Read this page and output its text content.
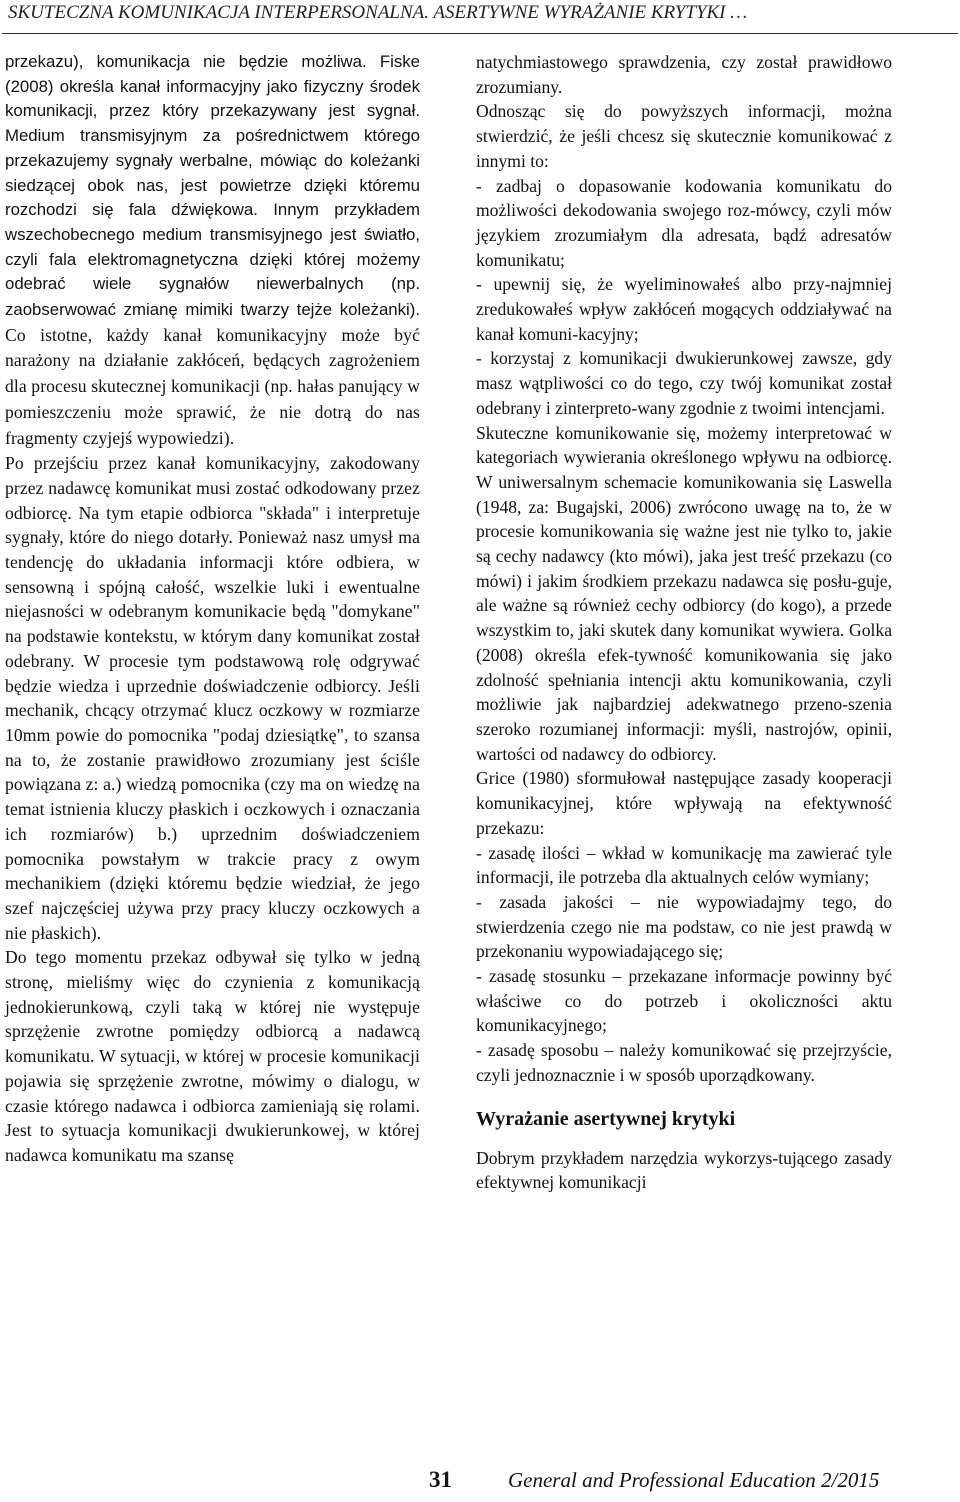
SKUTECZNA KOMUNIKACJA INTERPERSONALNA. ASERTYWNE WYRAŻANIE KRYTYKI …

przekazu), komunikacja nie będzie możliwa. Fiske (2008) określa kanał informacyjny jako fizyczny środek komunikacji, przez który przekazywany jest sygnał. Medium transmisyjnym za pośrednictwem którego przekazujemy sygnały werbalne, mówiąc do koleżanki siedzącej obok nas, jest powietrze dzięki któremu rozchodzi się fala dźwiękowa. Innym przykładem wszechobecnego medium transmisyjnego jest światło, czyli fala elektromagnetyczna dzięki której możemy odebrać wiele sygnałów niewerbalnych (np. zaobserwować zmianę mimiki twarzy tejże koleżanki). Co istotne, każdy kanał komunikacyjny może być narażony na działanie zakłóceń, będących zagrożeniem dla procesu skutecznej komunikacji (np. hałas panujący w pomieszczeniu może sprawić, że nie dotrą do nas fragmenty czyjejś wypowiedzi).

Po przejściu przez kanał komunikacyjny, zakodowany przez nadawcę komunikat musi zostać odkodowany przez odbiorcę. Na tym etapie odbiorca "składa" i interpretuje sygnały, które do niego dotarły. Ponieważ nasz umysł ma tendencję do układania informacji które odbiera, w sensowną i spójną całość, wszelkie luki i ewentualne niejasności w odebranym komunikacie będą "domykane" na podstawie kontekstu, w którym dany komunikat został odebrany. W procesie tym podstawową rolę odgrywać będzie wiedza i uprzednie doświadczenie odbiorcy. Jeśli mechanik, chcący otrzymać klucz oczkowy w rozmiarze 10mm powie do pomocnika "podaj dziesiątkę", to szansa na to, że zostanie prawidłowo zrozumiany jest ściśle powiązana z: a.) wiedzą pomocnika (czy ma on wiedzę na temat istnienia kluczy płaskich i oczkowych i oznaczania ich rozmiarów) b.) uprzednim doświadczeniem pomocnika powstałym w trakcie pracy z owym mechanikiem (dzięki któremu będzie wiedział, że jego szef najczęściej używa przy pracy kluczy oczkowych a nie płaskich).

Do tego momentu przekaz odbywał się tylko w jedną stronę, mieliśmy więc do czynienia z komunikacją jednokierunkową, czyli taką w której nie występuje sprzężenie zwrotne pomiędzy odbiorcą a nadawcą komunikatu. W sytuacji, w której w procesie komunikacji pojawia się sprzężenie zwrotne, mówimy o dialogu, w czasie którego nadawca i odbiorca zamieniają się rolami. Jest to sytuacja komunikacji dwukierunkowej, w której nadawca komunikatu ma szansę

natychmiastowego sprawdzenia, czy został prawidłowo zrozumiany.

Odnosząc się do powyższych informacji, można stwierdzić, że jeśli chcesz się skutecznie komunikować z innymi to:

- zadbaj o dopasowanie kodowania komunikatu do możliwości dekodowania swojego roz-mówcy, czyli mów językiem zrozumiałym dla adresata, bądź adresatów komunikatu;

- upewnij się, że wyeliminowałeś albo przy-najmniej zredukowałeś wpływ zakłóceń mogących oddziaływać na kanał komuni-kacyjny;

- korzystaj z komunikacji dwukierunkowej zawsze, gdy masz wątpliwości co do tego, czy twój komunikat został odebrany i zinterpreto-wany zgodnie z twoimi intencjami.

Skuteczne komunikowanie się, możemy interpretować w kategoriach wywierania określonego wpływu na odbiorcę. W uniwersalnym schemacie komunikowania się Laswella (1948, za: Bugajski, 2006) zwrócono uwagę na to, że w procesie komunikowania się ważne jest nie tylko to, jakie są cechy nadawcy (kto mówi), jaka jest treść przekazu (co mówi) i jakim środkiem przekazu nadawca się posłu-guje, ale ważne są również cechy odbiorcy (do kogo), a przede wszystkim to, jaki skutek dany komunikat wywiera. Golka (2008) określa efek-tywność komunikowania się jako zdolność spełniania intencji aktu komunikowania, czyli możliwie jak najbardziej adekwatnego przeno-szenia szeroko rozumianej informacji: myśli, nastrojów, opinii, wartości od nadawcy do odbiorcy.

Grice (1980) sformułował następujące zasady kooperacji komunikacyjnej, które wpływają na efektywność przekazu:

- zasadę ilości – wkład w komunikację ma zawierać tyle informacji, ile potrzeba dla aktualnych celów wymiany;

- zasada jakości – nie wypowiadajmy tego, do stwierdzenia czego nie ma podstaw, co nie jest prawdą w przekonaniu wypowiadającego się;

- zasadę stosunku – przekazane informacje powinny być właściwe co do potrzeb i okoliczności aktu komunikacyjnego;

- zasadę sposobu – należy komunikować się przejrzyście, czyli jednoznacznie i w sposób uporządkowany.

Wyrażanie asertywnej krytyki

Dobrym przykładem narzędzia wykorzys-tującego zasady efektywnej komunikacji

31	General and Professional Education 2/2015
